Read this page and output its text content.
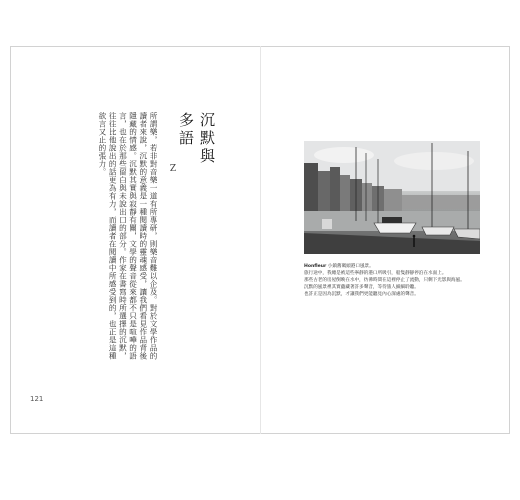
所謂樂，若非對音樂一道有所專研，則樂音難以企及。對於文學作品的讀者來說，沉默的意義是一種閱讀時的靈魂感受，讓我們看見作品背後隱藏的情感。沉默其實與寂靜有關，文學的聲音從來都不只是喧嘩的語言，也在於那些留白與未說出口的部分。作家在書寫時所選擇的沉默，往往比他說出的話更為有力，而讀者在閱讀中所感受到的，也正是這種欲言又止的張力。

121
沉默與多語
Z
Honfleur 小鎮舊碼頭港口風景。
旅行途中，我總是被這些寧靜的港口所吸引，船隻靜靜停泊在水面上。
那些古老的房屋倒映在水中，彷彿時間在這裡停止了流動，只剩下光影與海風。
沉默的風景裡其實蘊藏著許多聲音，等待旅人細細聆聽。
也許正是因為沉默，才讓我們更能聽見內心深處的聲音。
